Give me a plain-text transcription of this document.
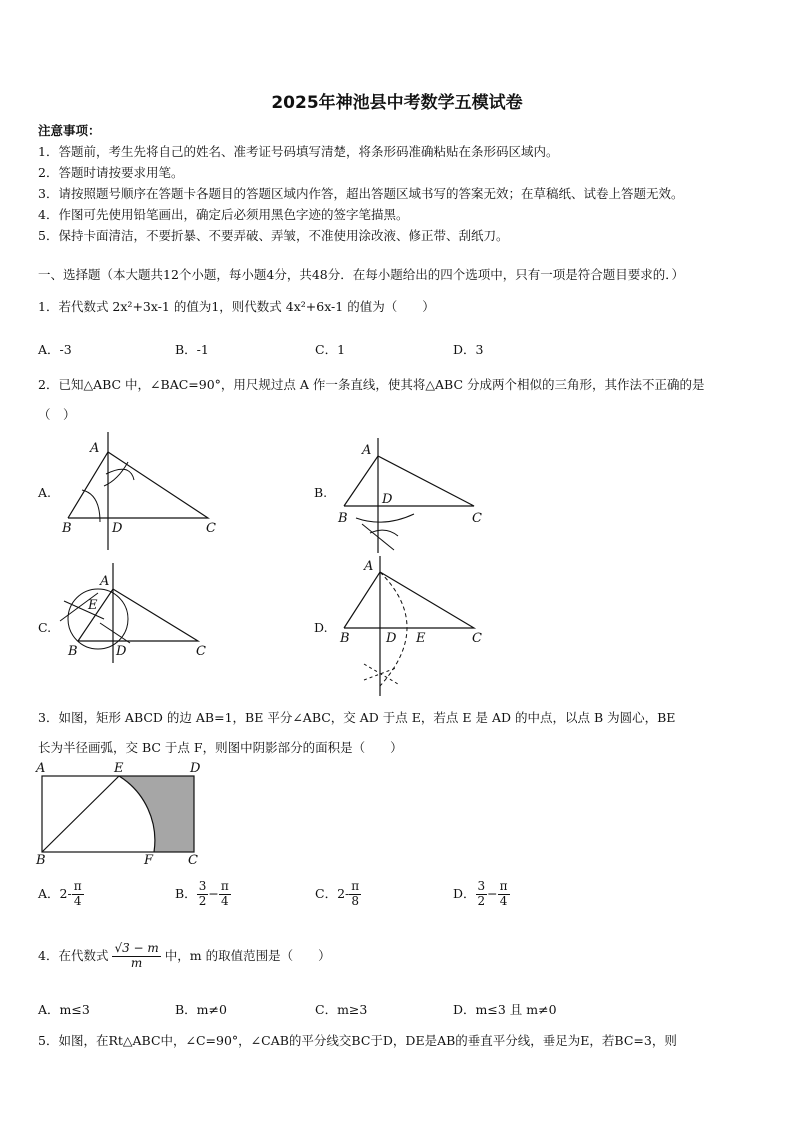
2025年神池县中考数学五模试卷
注意事项：
1．答题前，考生先将自己的姓名、准考证号码填写清楚，将条形码准确粘贴在条形码区域内。
2．答题时请按要求用笔。
3．请按照题号顺序在答题卡各题目的答题区域内作答，超出答题区域书写的答案无效；在草稿纸、试卷上答题无效。
4．作图可先使用铅笔画出，确定后必须用黑色字迹的签字笔描黑。
5．保持卡面清洁，不要折暴、不要弄破、弄皱，不准使用涂改液、修正带、刮纸刀。
一、选择题（本大题共12个小题，每小题4分，共48分．在每小题给出的四个选项中，只有一项是符合题目要求的．）
1．若代数式 2x²+3x-1 的值为1，则代数式 4x²+6x-1 的值为（　　）
A．-3	B．-1	C．1	D．3
2．已知△ABC 中，∠BAC=90°，用尺规过点 A 作一条直线，使其将△ABC 分成两个相似的三角形，其作法不正确的是
（　）
A.
A
B	D	C
B.
A
B
D
C
C.
A
E
B	D	C
D.
A
B	D E	C
3．如图，矩形 ABCD 的边 AB=1，BE 平分∠ABC，交 AD 于点 E，若点 E 是 AD 的中点，以点 B 为圆心，BE
长为半径画弧，交 BC 于点 F，则图中阴影部分的面积是（　　）
A	E	D
B	F	C
A．$2- \frac{\pi}{4}$	B． $\frac{3}{2} - \frac{\pi}{4}$	C．$2- \frac{\pi}{8}$	D． $\frac{3}{2} - \frac{\pi}{4}$
4．在代数式 $\frac{√3 - m}{m}$ 中，m 的取值范围是（　　）
A．m≤3	B．m≠0	C．m≥3	D．m≤3 且 m≠0
5．如图，在Rt△ABC中，∠C=90°，∠CAB的平分线交BC于D，DE是AB的垂直平分线，垂足为E，若BC=3，则
